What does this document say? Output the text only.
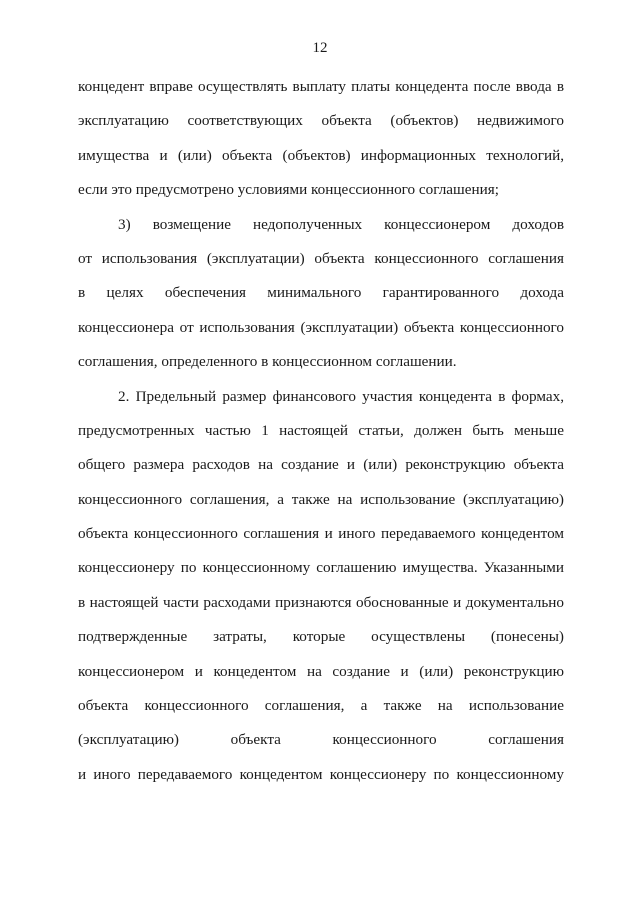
12
концедент вправе осуществлять выплату платы концедента после ввода в
эксплуатацию соответствующих объекта (объектов) недвижимого
имущества и (или) объекта (объектов) информационных технологий,
если это предусмотрено условиями концессионного соглашения;
3) возмещение недополученных концессионером доходов
от использования (эксплуатации) объекта концессионного соглашения
в целях обеспечения минимального гарантированного дохода
концессионера от использования (эксплуатации) объекта концессионного
соглашения, определенного в концессионном соглашении.
2. Предельный размер финансового участия концедента в формах,
предусмотренных частью 1 настоящей статьи, должен быть меньше
общего размера расходов на создание и (или) реконструкцию объекта
концессионного соглашения, а также на использование (эксплуатацию)
объекта концессионного соглашения и иного передаваемого концедентом
концессионеру по концессионному соглашению имущества. Указанными
в настоящей части расходами признаются обоснованные и документально
подтвержденные затраты, которые осуществлены (понесены)
концессионером и концедентом на создание и (или) реконструкцию
объекта концессионного соглашения, а также на использование
(эксплуатацию) объекта концессионного соглашения
и иного передаваемого концедентом концессионеру по концессионному
